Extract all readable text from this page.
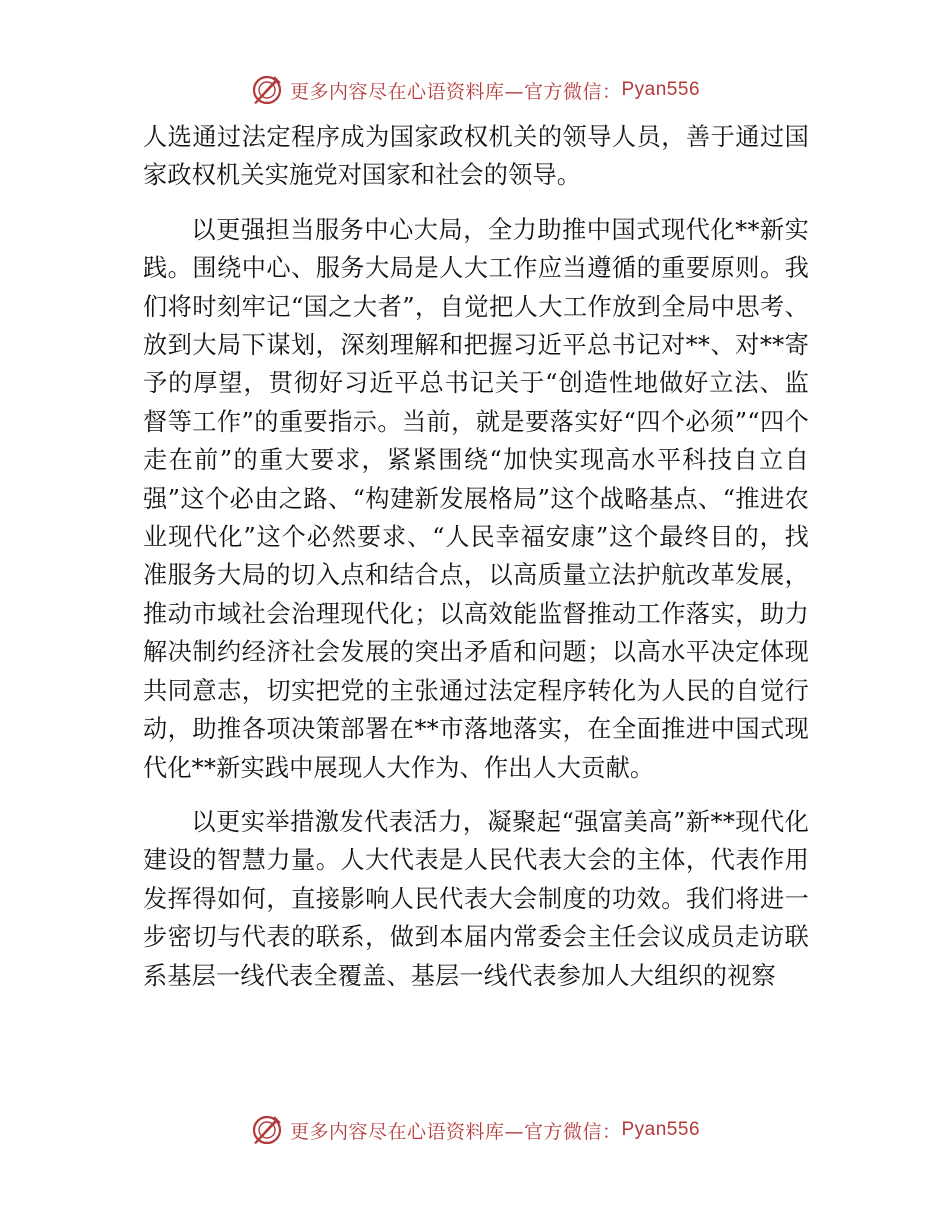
更多内容尽在心语资料库—官方微信： Pyan556

人选通过法定程序成为国家政权机关的领导人员，善于通过国家政权机关实施党对国家和社会的领导。

以更强担当服务中心大局，全力助推中国式现代化**新实践。围绕中心、服务大局是人大工作应当遵循的重要原则。我们将时刻牢记“国之大者”，自觉把人大工作放到全局中思考、放到大局下谋划，深刻理解和把握习近平总书记对**、对**寄予的厚望，贯彻好习近平总书记关于“创造性地做好立法、监督等工作”的重要指示。当前，就是要落实好“四个必须”“四个走在前”的重大要求，紧紧围绕“加快实现高水平科技自立自强”这个必由之路、“构建新发展格局”这个战略基点、“推进农业现代化”这个必然要求、“人民幸福安康”这个最终目的，找准服务大局的切入点和结合点，以高质量立法护航改革发展，推动市域社会治理现代化；以高效能监督推动工作落实，助力解决制约经济社会发展的突出矛盾和问题；以高水平决定体现共同意志，切实把党的主张通过法定程序转化为人民的自觉行动，助推各项决策部署在**市落地落实，在全面推进中国式现代化**新实践中展现人大作为、作出人大贡献。

以更实举措激发代表活力，凝聚起“强富美高”新**现代化建设的智慧力量。人大代表是人民代表大会的主体，代表作用发挥得如何，直接影响人民代表大会制度的功效。我们将进一步密切与代表的联系，做到本届内常委会主任会议成员走访联系基层一线代表全覆盖、基层一线代表参加人大组织的视察

更多内容尽在心语资料库—官方微信： Pyan556
